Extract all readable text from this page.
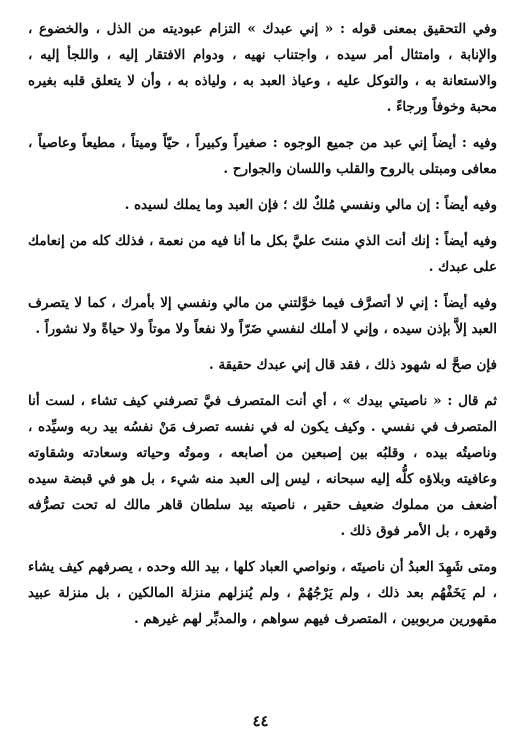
وفي التحقيق بمعنى قوله : « إني عبدك » التزام عبوديته من الذل ، والخضوع ، والإنابة ، وامتثال أمر سيده ، واجتناب نهيه ، ودوام الافتقار إليه ، واللجأ إليه ، والاستعانة به ، والتوكل عليه ، وعياذ العبد به ، ولياذه به ، وأن لا يتعلق قلبه بغيره محبة وخوفاً ورجاءً .

وفيه : أيضاً إني عبد من جميع الوجوه : صغيراً وكبيراً ، حيّاً وميتاً ، مطيعاً وعاصياً ، معافى ومبتلى بالروح والقلب واللسان والجوارح .

وفيه أيضاً : إن مالي ونفسي مُلكٌ لك ؛ فإن العبد وما يملك لسيده .

وفيه أيضاً : إنك أنت الذي مننتَ عليَّ بكل ما أنا فيه من نعمة ، فذلك كله من إنعامك على عبدك .

وفيه أيضاً : إني لا أتصرَّف فيما خوَّلتني من مالي ونفسي إلا بأمرك ، كما لا يتصرف العبد إلاَّ بإذن سيده ، وإني لا أملك لنفسي ضَرّاً ولا نفعاً ولا موتاً ولا حياةً ولا نشوراً .

فإن صحَّ له شهود ذلك ، فقد قال إني عبدك حقيقة .

ثم قال : « ناصيتي بيدك » ، أي أنت المتصرف فيَّ تصرفني كيف تشاء ، لست أنا المتصرف في نفسي . وكيف يكون له في نفسه تصرف مَنْ نفسُه بيد ربه وسيِّده ، وناصيتُه بيده ، وقلبُه بين إصبعين من أصابعه ، وموتُه وحياته وسعادته وشقاوته وعافيته وبلاؤه كلُّه إليه سبحانه ، ليس إلى العبد منه شيء ، بل هو في قبضة سيده أضعف من مملوك ضعيف حقير ، ناصيته بيد سلطان قاهر مالك له تحت تصرُّفه وقهره ، بل الأمر فوق ذلك .

ومتى شَهِدَ العبدُ أن ناصيتَه ، ونواصي العباد كلها ، بيد الله وحده ، يصرفهم كيف يشاء ، لم يَخَفْهُم بعد ذلك ، ولم يَرْجُهُمْ ، ولم يُنزلهم منزلة المالكين ، بل منزلة عبيد مقهورين مربوبين ، المتصرف فيهم سواهم ، والمدبِّر لهم غيرهم .

٤٤
